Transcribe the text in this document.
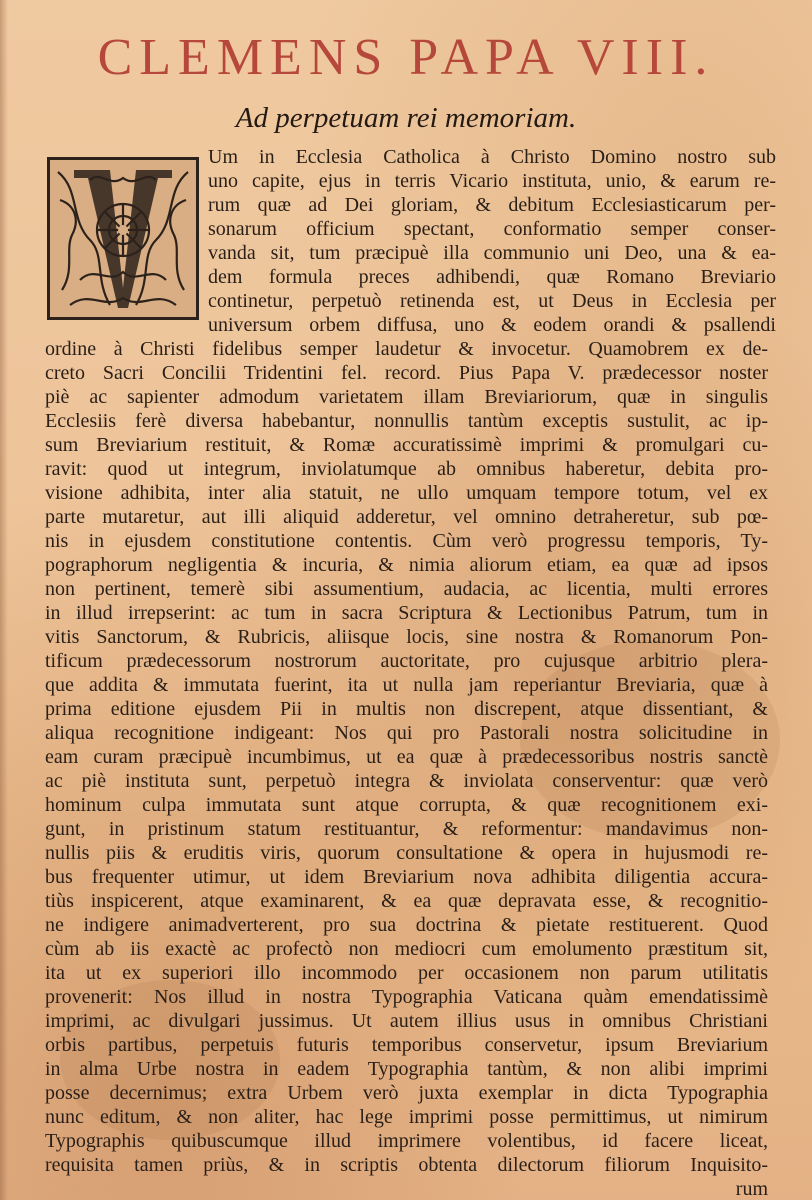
CLEMENS PAPA VIII.
Ad perpetuam rei memoriam.
Um in Ecclesia Catholica à Christo Domino nostro sub
uno capite, ejus in terris Vicario instituta, unio, & earum re-
rum quæ ad Dei gloriam, & debitum Ecclesiasticarum per-
sonarum officium spectant, conformatio semper conser-
vanda sit, tum præcipuè illa communio uni Deo, una & ea-
dem formula preces adhibendi, quæ Romano Breviario
continetur, perpetuò retinenda est, ut Deus in Ecclesia per
universum orbem diffusa, uno & eodem orandi & psallendi
ordine à Christi fidelibus semper laudetur & invocetur. Quamobrem ex de-
creto Sacri Concilii Tridentini fel. record. Pius Papa V. prædecessor noster
piè ac sapienter admodum varietatem illam Breviariorum, quæ in singulis
Ecclesiis ferè diversa habebantur, nonnullis tantùm exceptis sustulit, ac ip-
sum Breviarium restituit, & Romæ accuratissimè imprimi & promulgari cu-
ravit: quod ut integrum, inviolatumque ab omnibus haberetur, debita pro-
visione adhibita, inter alia statuit, ne ullo umquam tempore totum, vel ex
parte mutaretur, aut illi aliquid adderetur, vel omnino detraheretur, sub pœ-
nis in ejusdem constitutione contentis. Cùm verò progressu temporis, Ty-
pographorum negligentia & incuria, & nimia aliorum etiam, ea quæ ad ipsos
non pertinent, temerè sibi assumentium, audacia, ac licentia, multi errores
in illud irrepserint: ac tum in sacra Scriptura & Lectionibus Patrum, tum in
vitis Sanctorum, & Rubricis, aliisque locis, sine nostra & Romanorum Pon-
tificum prædecessorum nostrorum auctoritate, pro cujusque arbitrio plera-
que addita & immutata fuerint, ita ut nulla jam reperiantur Breviaria, quæ à
prima editione ejusdem Pii in multis non discrepent, atque dissentiant, &
aliqua recognitione indigeant: Nos qui pro Pastorali nostra solicitudine in
eam curam præcipuè incumbimus, ut ea quæ à prædecessoribus nostris sanctè
ac piè instituta sunt, perpetuò integra & inviolata conserventur: quæ verò
hominum culpa immutata sunt atque corrupta, & quæ recognitionem exi-
gunt, in pristinum statum restituantur, & reformentur: mandavimus non-
nullis piis & eruditis viris, quorum consultatione & opera in hujusmodi re-
bus frequenter utimur, ut idem Breviarium nova adhibita diligentia accura-
tiùs inspicerent, atque examinarent, & ea quæ depravata esse, & recognitio-
ne indigere animadverterent, pro sua doctrina & pietate restituerent. Quod
cùm ab iis exactè ac profectò non mediocri cum emolumento præstitum sit,
ita ut ex superiori illo incommodo per occasionem non parum utilitatis
provenerit: Nos illud in nostra Typographia Vaticana quàm emendatissimè
imprimi, ac divulgari jussimus. Ut autem illius usus in omnibus Christiani
orbis partibus, perpetuis futuris temporibus conservetur, ipsum Breviarium
in alma Urbe nostra in eadem Typographia tantùm, & non alibi imprimi
posse decernimus; extra Urbem verò juxta exemplar in dicta Typographia
nunc editum, & non aliter, hac lege imprimi posse permittimus, ut nimirum
Typographis quibuscumque illud imprimere volentibus, id facere liceat,
requisita tamen priùs, & in scriptis obtenta dilectorum filiorum Inquisito-
rum
